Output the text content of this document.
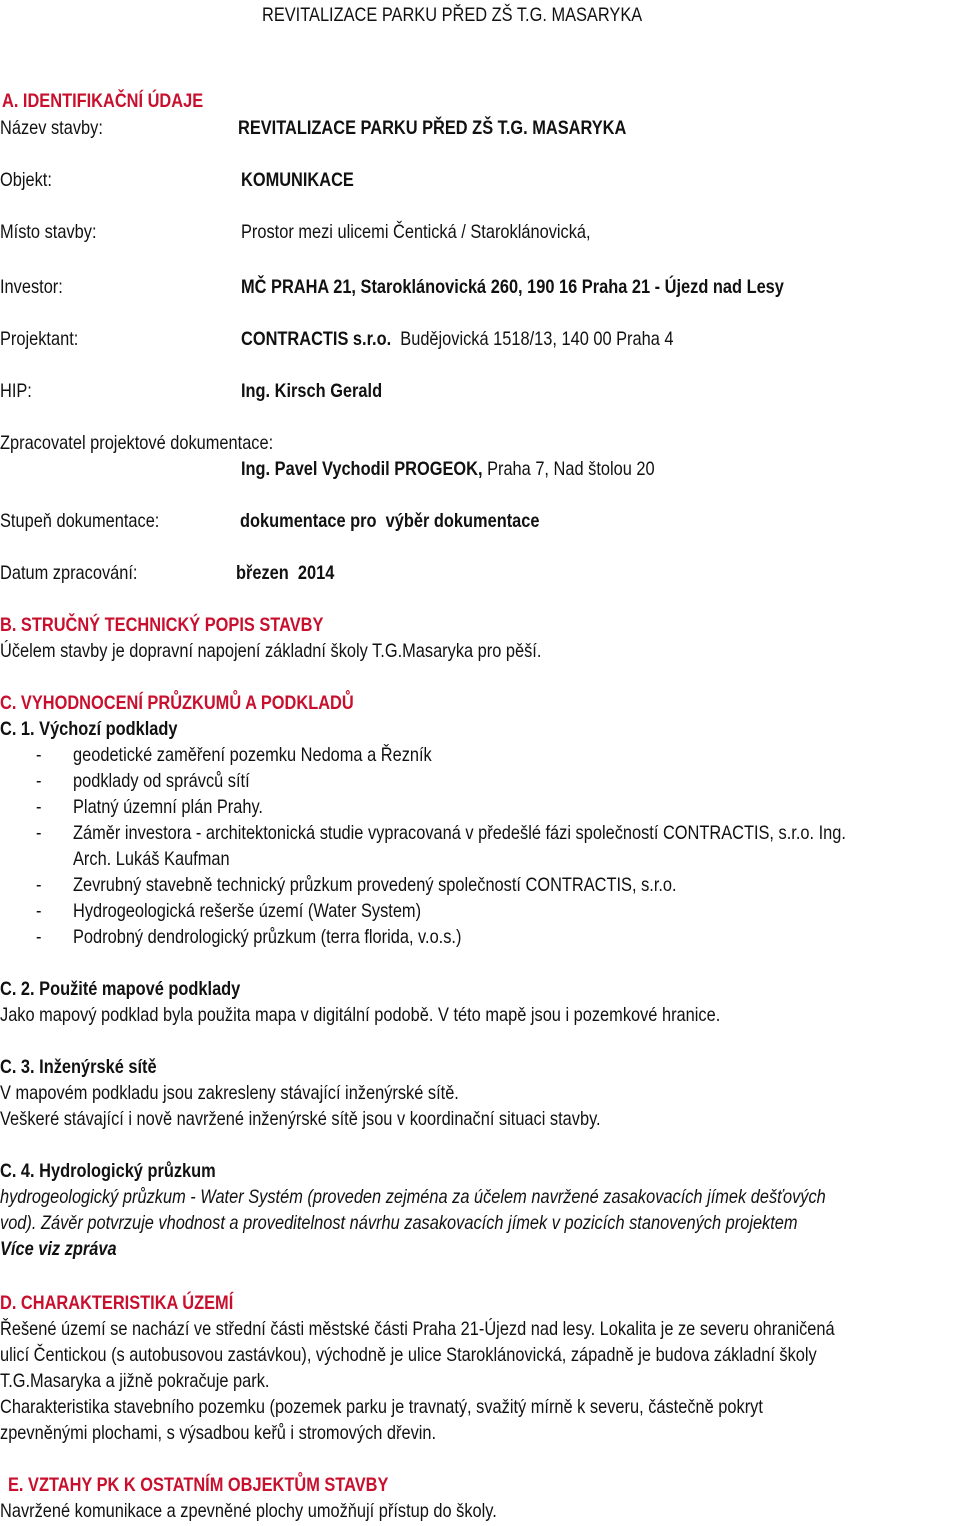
REVITALIZACE PARKU PŘED ZŠ T.G. MASARYKA
A. IDENTIFIKAČNÍ ÚDAJE
Název stavby:	REVITALIZACE PARKU PŘED ZŠ T.G. MASARYKA
Objekt:	KOMUNIKACE
Místo stavby:	Prostor mezi ulicemi Čentická / Staroklánovická,
Investor:	MČ PRAHA 21, Staroklánovická 260, 190 16 Praha 21 - Újezd nad Lesy
Projektant:	CONTRACTIS s.r.o. Budějovická 1518/13, 140 00 Praha 4
HIP:	Ing. Kirsch Gerald
Zpracovatel projektové dokumentace:
Ing. Pavel Vychodil PROGEOK, Praha 7, Nad štolou 20
Stupeň dokumentace:	dokumentace pro  výběr dokumentace
Datum zpracování:	březen  2014
B. STRUČNÝ TECHNICKÝ POPIS STAVBY
Účelem stavby je dopravní napojení základní školy T.G.Masaryka pro pěší.
C. VYHODNOCENÍ PRŮZKUMŮ A PODKLADŮ
C. 1. Výchozí podklady
- geodetické zaměření pozemku Nedoma a Řezník
- podklady od správců sítí
- Platný územní plán Prahy.
- Záměr investora - architektonická studie vypracovaná v předešlé fázi společností CONTRACTIS, s.r.o. Ing.
Arch. Lukáš Kaufman
- Zevrubný stavebně technický průzkum provedený společností CONTRACTIS, s.r.o.
- Hydrogeologická rešerše území (Water System)
- Podrobný dendrologický průzkum (terra florida, v.o.s.)
C. 2. Použité mapové podklady
Jako mapový podklad byla použita mapa v digitální podobě. V této mapě jsou i pozemkové hranice.
C. 3. Inženýrské sítě
V mapovém podkladu jsou zakresleny stávající inženýrské sítě.
Veškeré stávající i nově navržené inženýrské sítě jsou v koordinační situaci stavby.
C. 4. Hydrologický průzkum
hydrogeologický průzkum - Water Systém (proveden zejména za účelem navržené zasakovacích jímek dešťových
vod). Závěr potvrzuje vhodnost a proveditelnost návrhu zasakovacích jímek v pozicích stanovených projektem
Více viz zpráva
D. CHARAKTERISTIKA ÚZEMÍ
Řešené území se nachází ve střední části městské části Praha 21-Újezd nad lesy. Lokalita je ze severu ohraničená
ulicí Čentickou (s autobusovou zastávkou), východně je ulice Staroklánovická, západně je budova základní školy
T.G.Masaryka a jižně pokračuje park.
Charakteristika stavebního pozemku (pozemek parku je travnatý, svažitý mírně k severu, částečně pokryt
zpevněnými plochami, s výsadbou keřů i stromových dřevin.
E. VZTAHY PK K OSTATNÍM OBJEKTŮM STAVBY
Navržené komunikace a zpevněné plochy umožňují přístup do školy.
